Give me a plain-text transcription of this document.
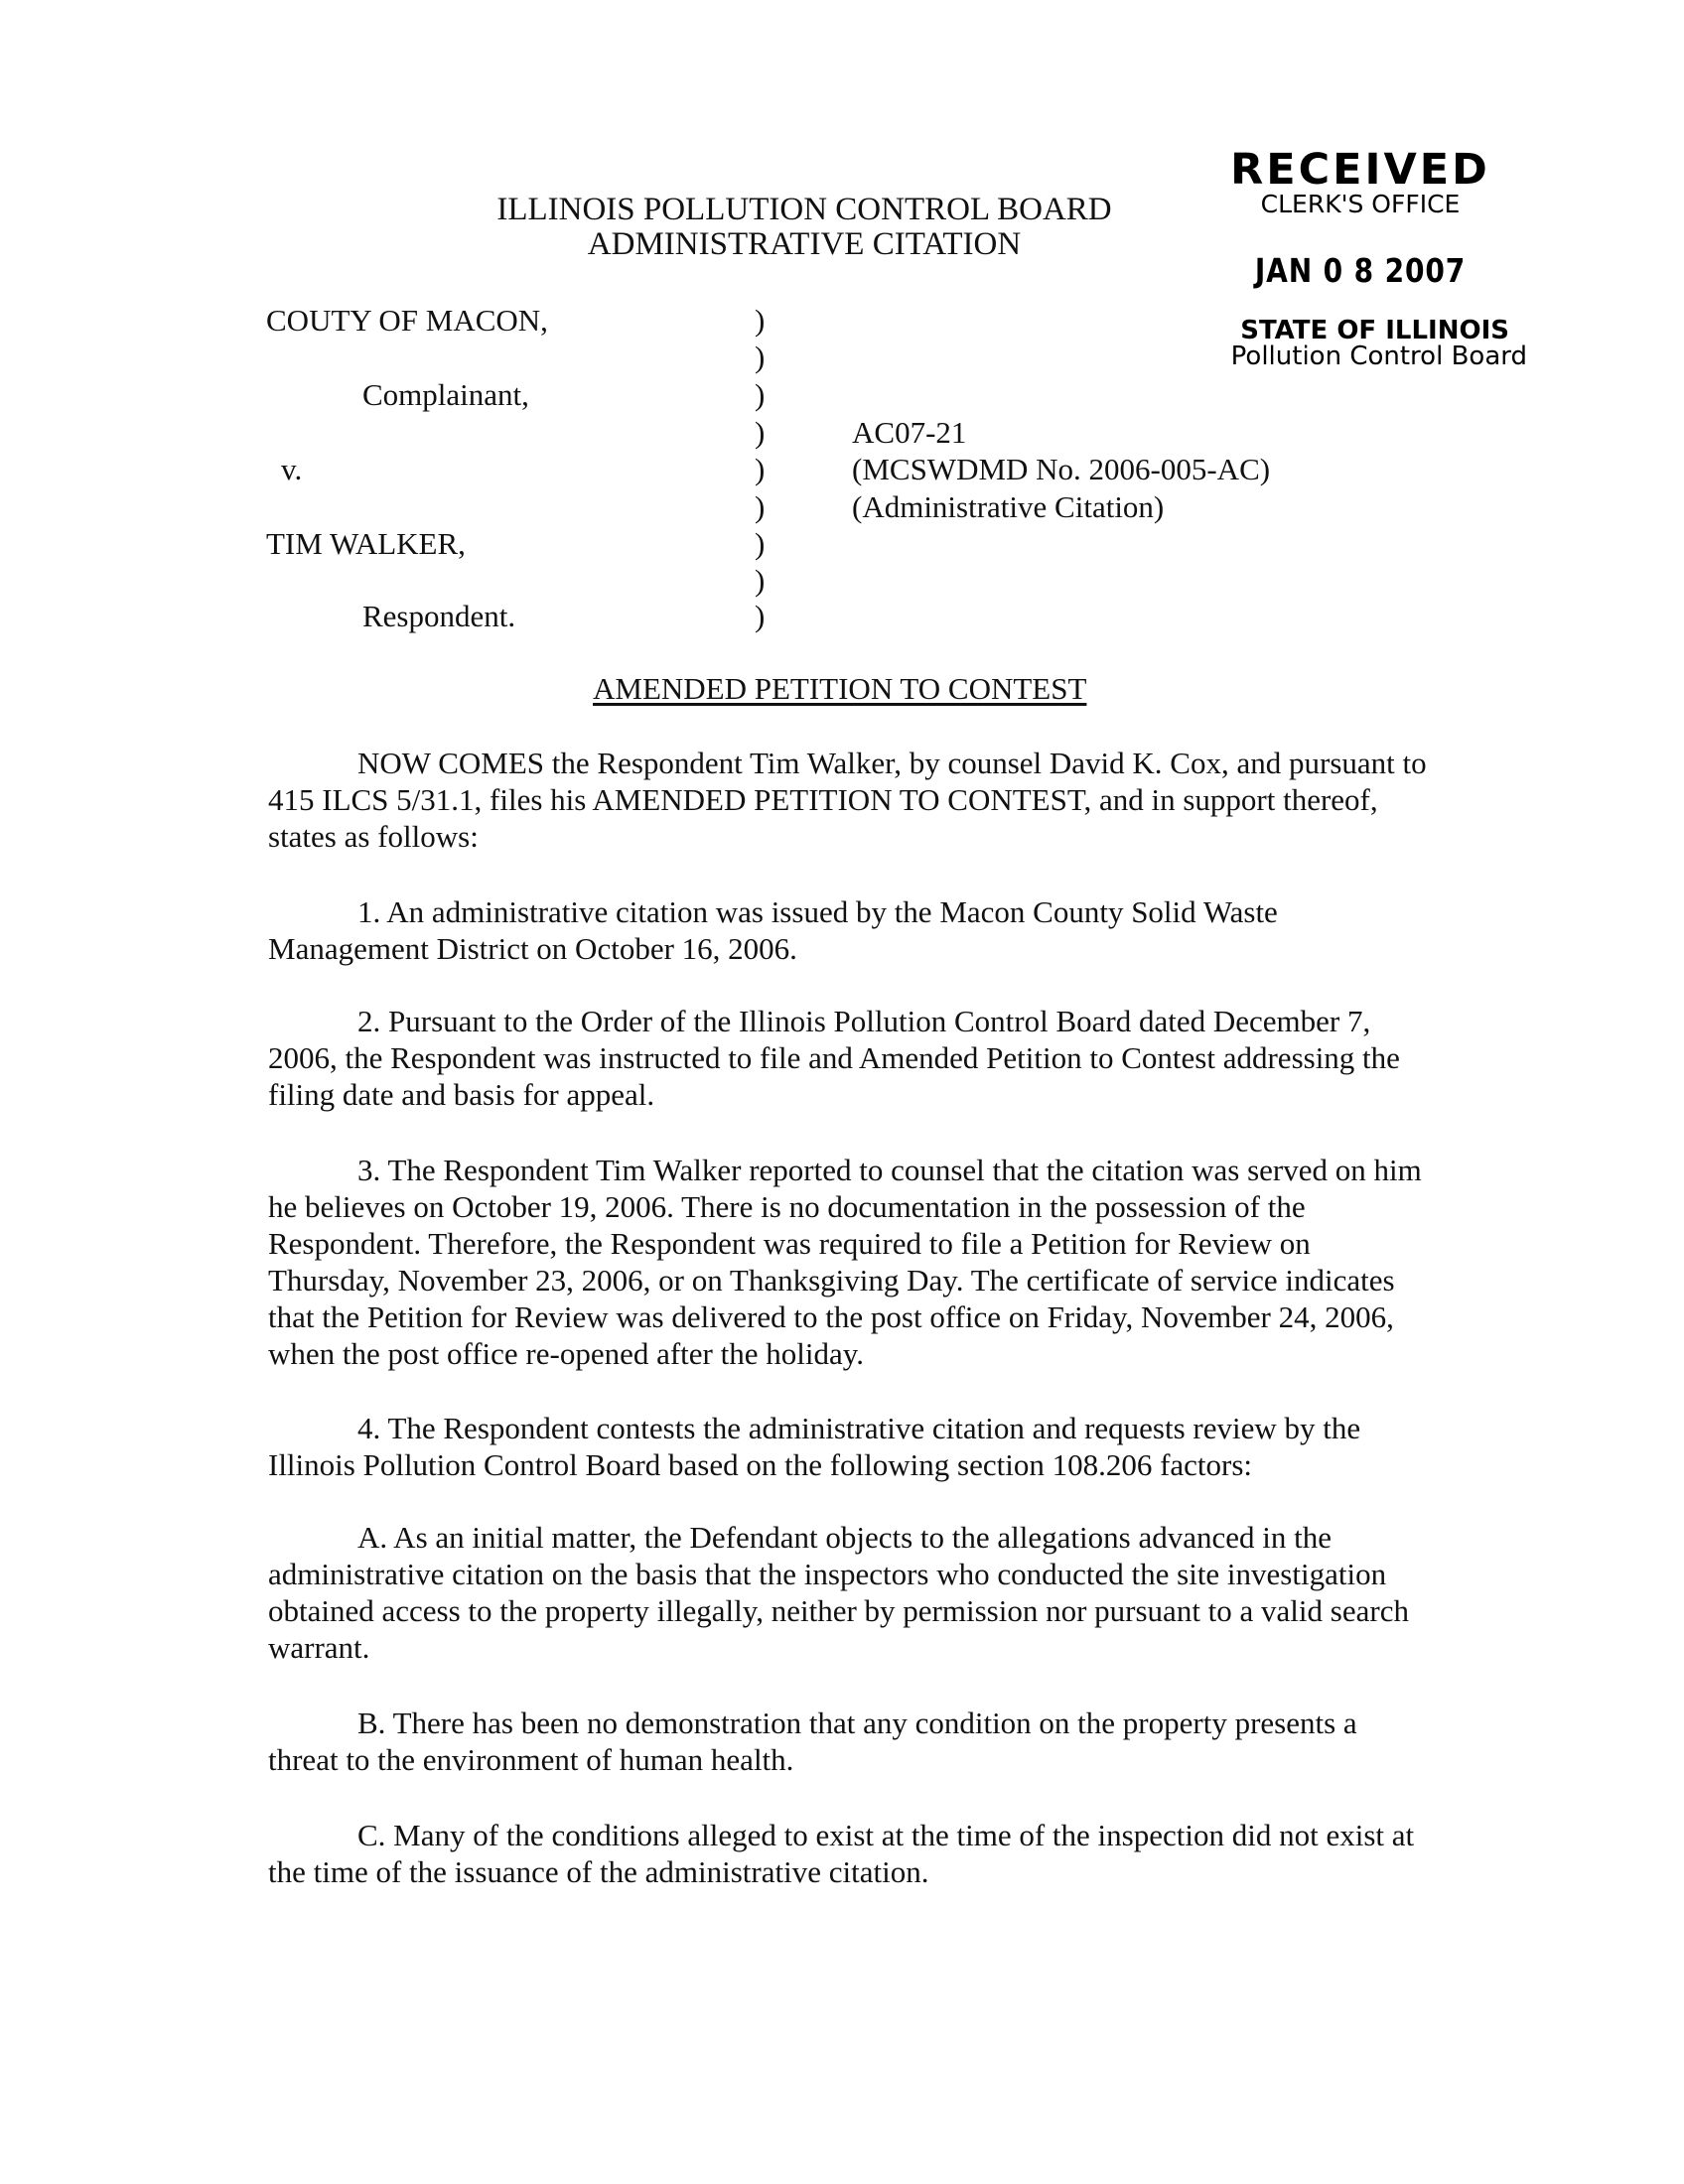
ILLINOIS POLLUTION CONTROL BOARD
ADMINISTRATIVE CITATION
RECEIVED
CLERK'S OFFICE
JAN 0 8 2007
STATE OF ILLINOIS
Pollution Control Board
COUTY OF MACON,
Complainant,
v.
TIM WALKER,
Respondent.
)
)
)
)
)
)
)
)
)
AC07-21
(MCSWDMD No. 2006-005-AC)
(Administrative Citation)
AMENDED PETITION TO CONTEST
NOW COMES the Respondent Tim Walker, by counsel David K. Cox, and pursuant to 415 ILCS 5/31.1, files his AMENDED PETITION TO CONTEST, and in support thereof, states as follows:
1. An administrative citation was issued by the Macon County Solid Waste Management District on October 16, 2006.
2. Pursuant to the Order of the Illinois Pollution Control Board dated December 7, 2006, the Respondent was instructed to file and Amended Petition to Contest addressing the filing date and basis for appeal.
3. The Respondent Tim Walker reported to counsel that the citation was served on him he believes on October 19, 2006. There is no documentation in the possession of the Respondent. Therefore, the Respondent was required to file a Petition for Review on Thursday, November 23, 2006, or on Thanksgiving Day. The certificate of service indicates that the Petition for Review was delivered to the post office on Friday, November 24, 2006, when the post office re-opened after the holiday.
4. The Respondent contests the administrative citation and requests review by the Illinois Pollution Control Board based on the following section 108.206 factors:
A. As an initial matter, the Defendant objects to the allegations advanced in the administrative citation on the basis that the inspectors who conducted the site investigation obtained access to the property illegally, neither by permission nor pursuant to a valid search warrant.
B. There has been no demonstration that any condition on the property presents a threat to the environment of human health.
C. Many of the conditions alleged to exist at the time of the inspection did not exist at the time of the issuance of the administrative citation.
